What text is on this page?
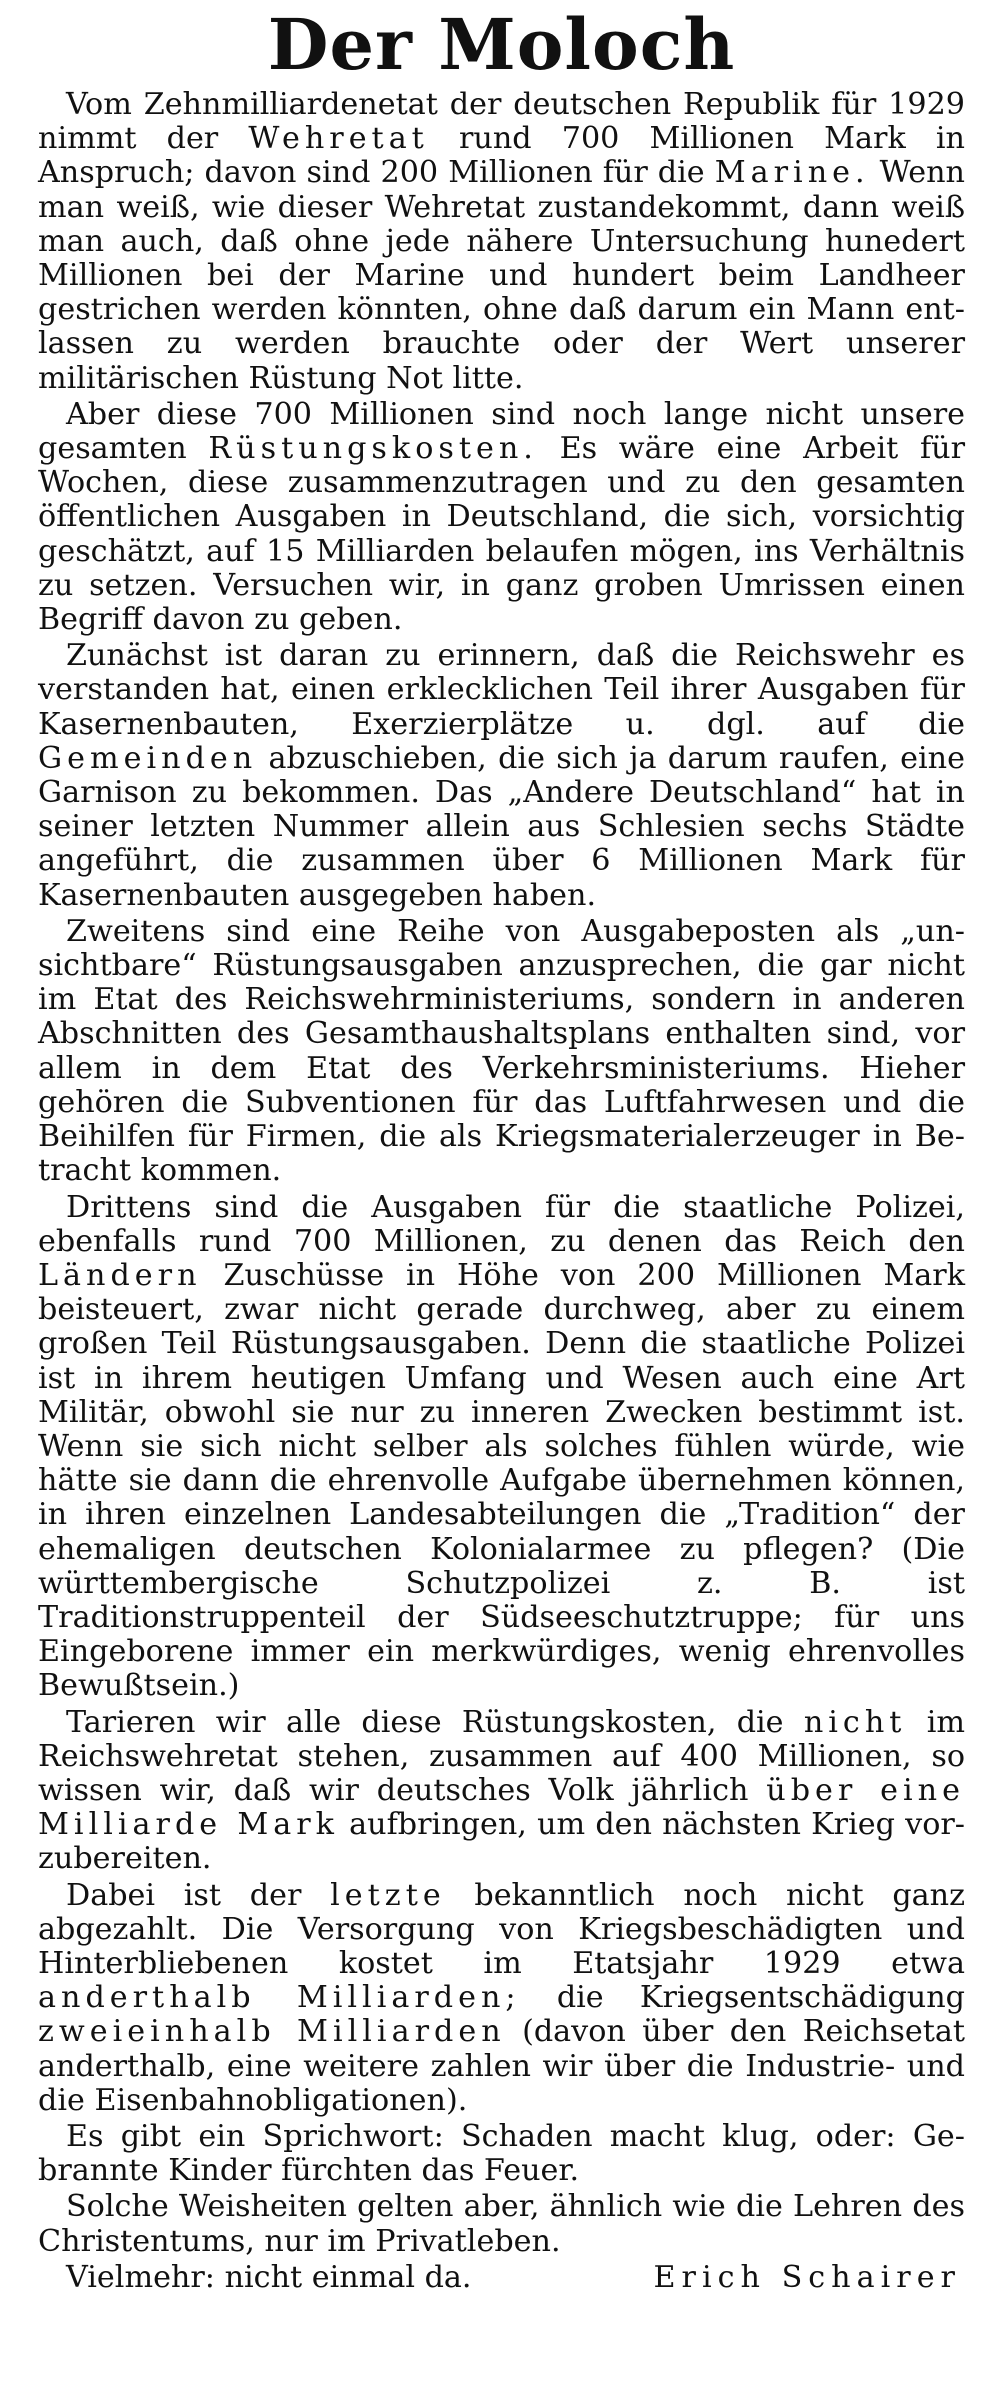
Der Moloch

Vom Zehnmilliardenetat der deutschen Republik für 1929 nimmt der Wehretat rund 700 Millionen Mark in Anspruch; davon sind 200 Millionen für die Marine. Wenn man weiß, wie dieser Wehretat zustandekommt, dann weiß man auch, daß ohne jede nähere Untersuchung hunedert Millionen bei der Marine und hundert beim Landheer gestrichen werden könnten, ohne daß darum ein Mann entlassen zu werden brauchte oder der Wert unserer militärischen Rüstung Not litte.

Aber diese 700 Millionen sind noch lange nicht unsere gesamten Rüstungskosten. Es wäre eine Arbeit für Wochen, diese zusammenzutragen und zu den gesamten öffentlichen Ausgaben in Deutschland, die sich, vorsichtig geschätzt, auf 15 Milliarden belaufen mögen, ins Verhältnis zu setzen. Versuchen wir, in ganz groben Umrissen einen Begriff davon zu geben.

Zunächst ist daran zu erinnern, daß die Reichswehr es verstanden hat, einen erklecklichen Teil ihrer Ausgaben für Kasernenbauten, Exerzierplätze u. dgl. auf die Gemeinden abzuschieben, die sich ja darum raufen, eine Garnison zu bekommen. Das „Andere Deutschland“ hat in seiner letzten Nummer allein aus Schlesien sechs Städte angeführt, die zusammen über 6 Millionen Mark für Kasernenbauten ausgegeben haben.

Zweitens sind eine Reihe von Ausgabeposten als „unsichtbare“ Rüstungsausgaben anzusprechen, die gar nicht im Etat des Reichswehrministeriums, sondern in anderen Abschnitten des Gesamthaushaltsplans enthalten sind, vor allem in dem Etat des Verkehrsministeriums. Hieher gehören die Subventionen für das Luftfahrwesen und die Beihilfen für Firmen, die als Kriegsmaterialerzeuger in Betracht kommen.

Drittens sind die Ausgaben für die staatliche Polizei, ebenfalls rund 700 Millionen, zu denen das Reich den Ländern Zuschüsse in Höhe von 200 Millionen Mark beisteuert, zwar nicht gerade durchweg, aber zu einem großen Teil Rüstungsausgaben. Denn die staatliche Polizei ist in ihrem heutigen Umfang und Wesen auch eine Art Militär, obwohl sie nur zu inneren Zwecken bestimmt ist. Wenn sie sich nicht selber als solches fühlen würde, wie hätte sie dann die ehrenvolle Aufgabe übernehmen können, in ihren einzelnen Landesabteilungen die „Tradition“ der ehemaligen deutschen Kolonialarmee zu pflegen? (Die württembergische Schutzpolizei z. B. ist Traditionstruppenteil der Südseeschutztruppe; für uns Eingeborene immer ein merkwürdiges, wenig ehrenvolles Bewußtsein.)

Tarieren wir alle diese Rüstungskosten, die nicht im Reichswehretat stehen, zusammen auf 400 Millionen, so wissen wir, daß wir deutsches Volk jährlich über eine Milliarde Mark aufbringen, um den nächsten Krieg vorzubereiten.

Dabei ist der letzte bekanntlich noch nicht ganz abgezahlt. Die Versorgung von Kriegsbeschädigten und Hinterbliebenen kostet im Etatsjahr 1929 etwa anderthalb Milliarden; die Kriegsentschädigung zweieinhalb Milliarden (davon über den Reichsetat anderthalb, eine weitere zahlen wir über die Industrie- und die Eisenbahnobligationen).

Es gibt ein Sprichwort: Schaden macht klug, oder: Gebrannte Kinder fürchten das Feuer.

Solche Weisheiten gelten aber, ähnlich wie die Lehren des Christentums, nur im Privatleben.

Vielmehr: nicht einmal da.	Erich Schairer
